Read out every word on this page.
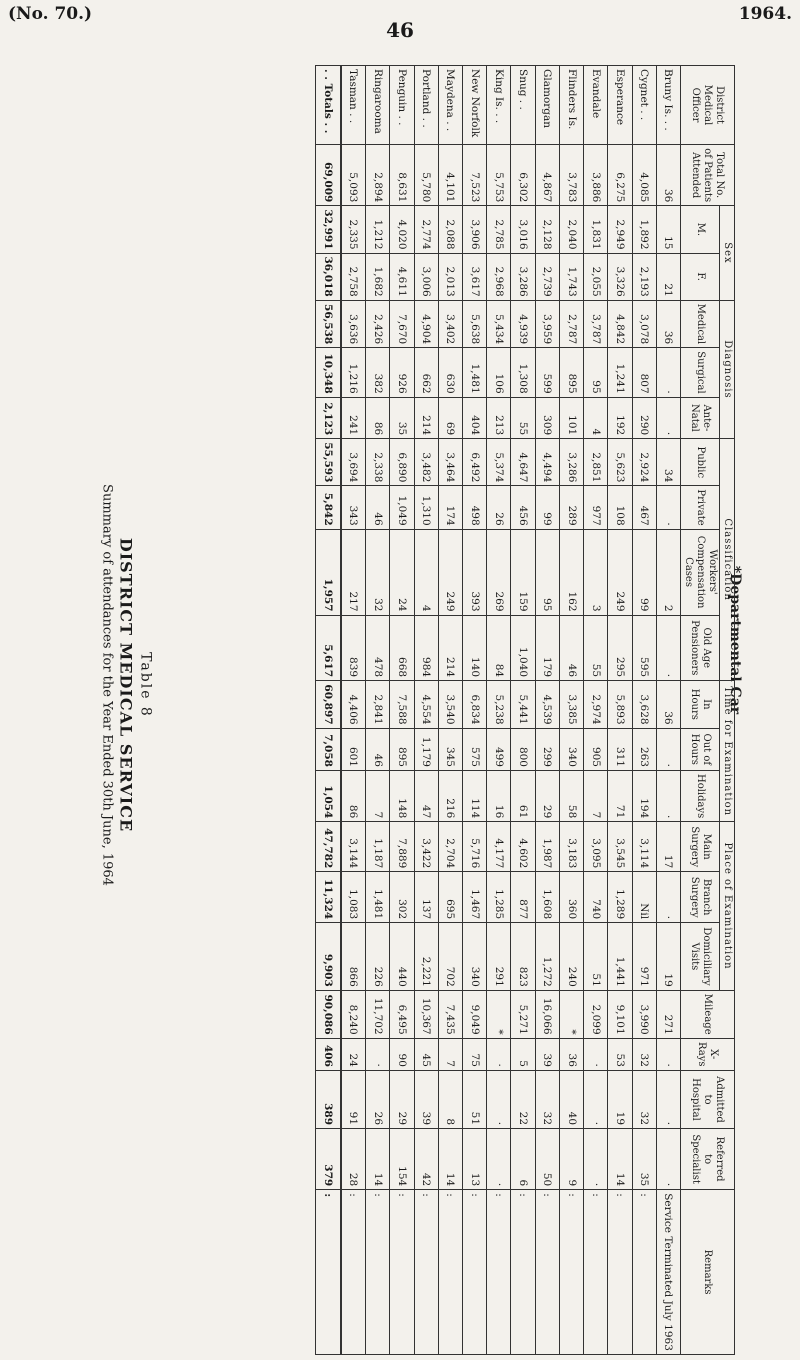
(No. 70.)	1964.
46
Table 8
DISTRICT MEDICAL SERVICE
Summary of attendances for the Year Ended 30th June, 1964	*Departmental Car
District Medical Officer	Total No. of Patients Attended	Sex		Diagnosis			Classification				Time for Examination			Place of Examination			Mileage	X-Rays	Admitted to Hospital	Referred to Specialist	Remarks
		M.	F.	Medical	Surgical	Ante-Natal	Public	Private	Workers' Compensation Cases	Old Age Pensioners	In Hours	Out of Hours	Holidays	Main Surgery	Branch Surgery	Domiciliary Visits					
Bruny Is. . .	36	15	21	36	·	·	34	·	2	·	36	·	·	17	·	19	271	·	·	·	Service Terminated July 1963
Cygnet . .	4,085	1,892	2,193	3,078	807	290	2,924	467	99	595	3,628	263	194	3,114	Nil	971	3,990	32	32	35	:
Esperance	6,275	2,949	3,326	4,842	1,241	192	5,623	108	249	295	5,893	311	71	3,545	1,289	1,441	9,101	53	19	14	:
Evandale	3,886	1,831	2,055	3,787	95	4	2,851	977	3	55	2,974	905	7	3,095	740	51	2,099	·	·	·	:
Flinders Is.	3,783	2,040	1,743	2,787	895	101	3,286	289	162	46	3,385	340	58	3,183	360	240	*	36	40	9	:
Glamorgan	4,867	2,128	2,739	3,959	599	309	4,494	99	95	179	4,539	299	29	1,987	1,608	1,272	16,066	39	32	50	:
Snug . .	6,302	3,016	3,286	4,939	1,308	55	4,647	456	159	1,040	5,441	800	61	4,602	877	823	5,271	5	22	6	:
King Is. . .	5,753	2,785	2,968	5,434	106	213	5,374	26	269	84	5,238	499	16	4,177	1,285	291	*	·	·	·	:
New Norfolk	7,523	3,906	3,617	5,638	1,481	404	6,492	498	393	140	6,834	575	114	5,716	1,467	340	9,049	75	51	13	:
Maydena . .	4,101	2,088	2,013	3,402	630	69	3,464	174	249	214	3,540	345	216	2,704	695	702	7,435	7	8	14	:
Portland . .	5,780	2,774	3,006	4,904	662	214	3,482	1,310	4	984	4,554	1,179	47	3,422	137	2,221	10,367	45	39	42	:
Penguin . .	8,631	4,020	4,611	7,670	926	35	6,890	1,049	24	668	7,588	895	148	7,889	302	440	6,495	90	29	154	:
Ringarooma	2,894	1,212	1,682	2,426	382	86	2,338	46	32	478	2,841	46	7	1,187	1,481	226	11,702	·	26	14	:
Tasman . .	5,093	2,335	2,758	3,636	1,216	241	3,694	343	217	839	4,406	601	86	3,144	1,083	866	8,240	24	91	28	:
. . Totals . .	69,009	32,991	36,018	56,538	10,348	2,123	55,593	5,842	1,957	5,617	60,897	7,058	1,054	47,782	11,324	9,903	90,086	406	389	379	:
